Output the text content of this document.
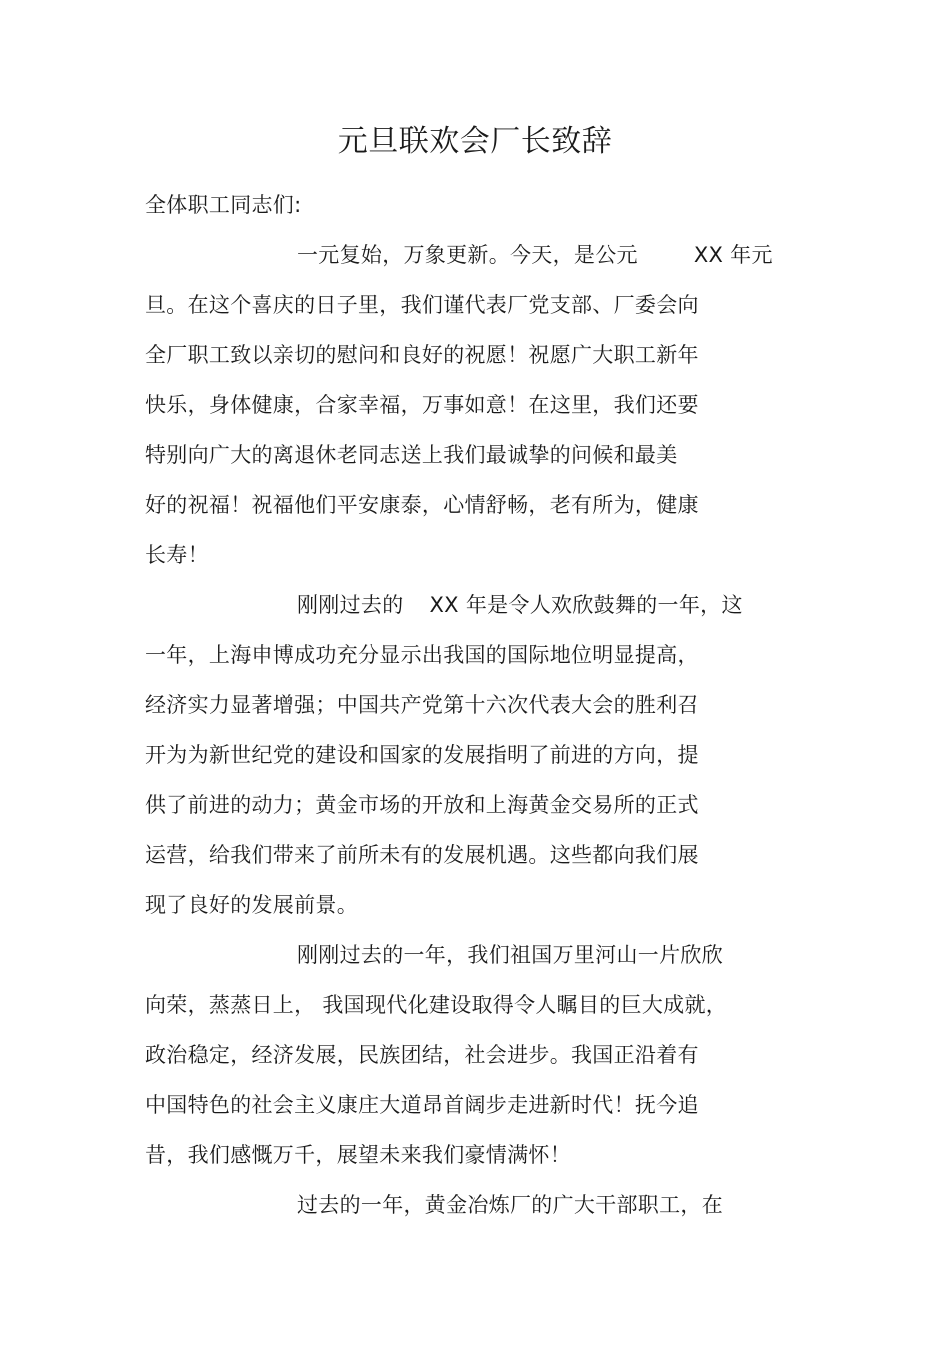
元旦联欢会厂长致辞
全体职工同志们:
一元复始，万象更新。今天，是公元	XX 年元
旦。在这个喜庆的日子里，我们谨代表厂党支部、厂委会向
全厂职工致以亲切的慰问和良好的祝愿！祝愿广大职工新年
快乐，身体健康，合家幸福，万事如意！在这里，我们还要
特别向广大的离退休老同志送上我们最诚挚的问候和最美
好的祝福！祝福他们平安康泰，心情舒畅，老有所为，健康
长寿！
刚刚过去的 XX 年是令人欢欣鼓舞的一年，这
一年，上海申博成功充分显示出我国的国际地位明显提高，
经济实力显著增强；中国共产党第十六次代表大会的胜利召
开为为新世纪党的建设和国家的发展指明了前进的方向，提
供了前进的动力；黄金市场的开放和上海黄金交易所的正式
运营，给我们带来了前所未有的发展机遇。这些都向我们展
现了良好的发展前景。
刚刚过去的一年，我们祖国万里河山一片欣欣
向荣，蒸蒸日上， 我国现代化建设取得令人瞩目的巨大成就，
政治稳定，经济发展，民族团结，社会进步。我国正沿着有
中国特色的社会主义康庄大道昂首阔步走进新时代！抚今追
昔，我们感慨万千，展望未来我们豪情满怀！
过去的一年，黄金冶炼厂的广大干部职工，在
